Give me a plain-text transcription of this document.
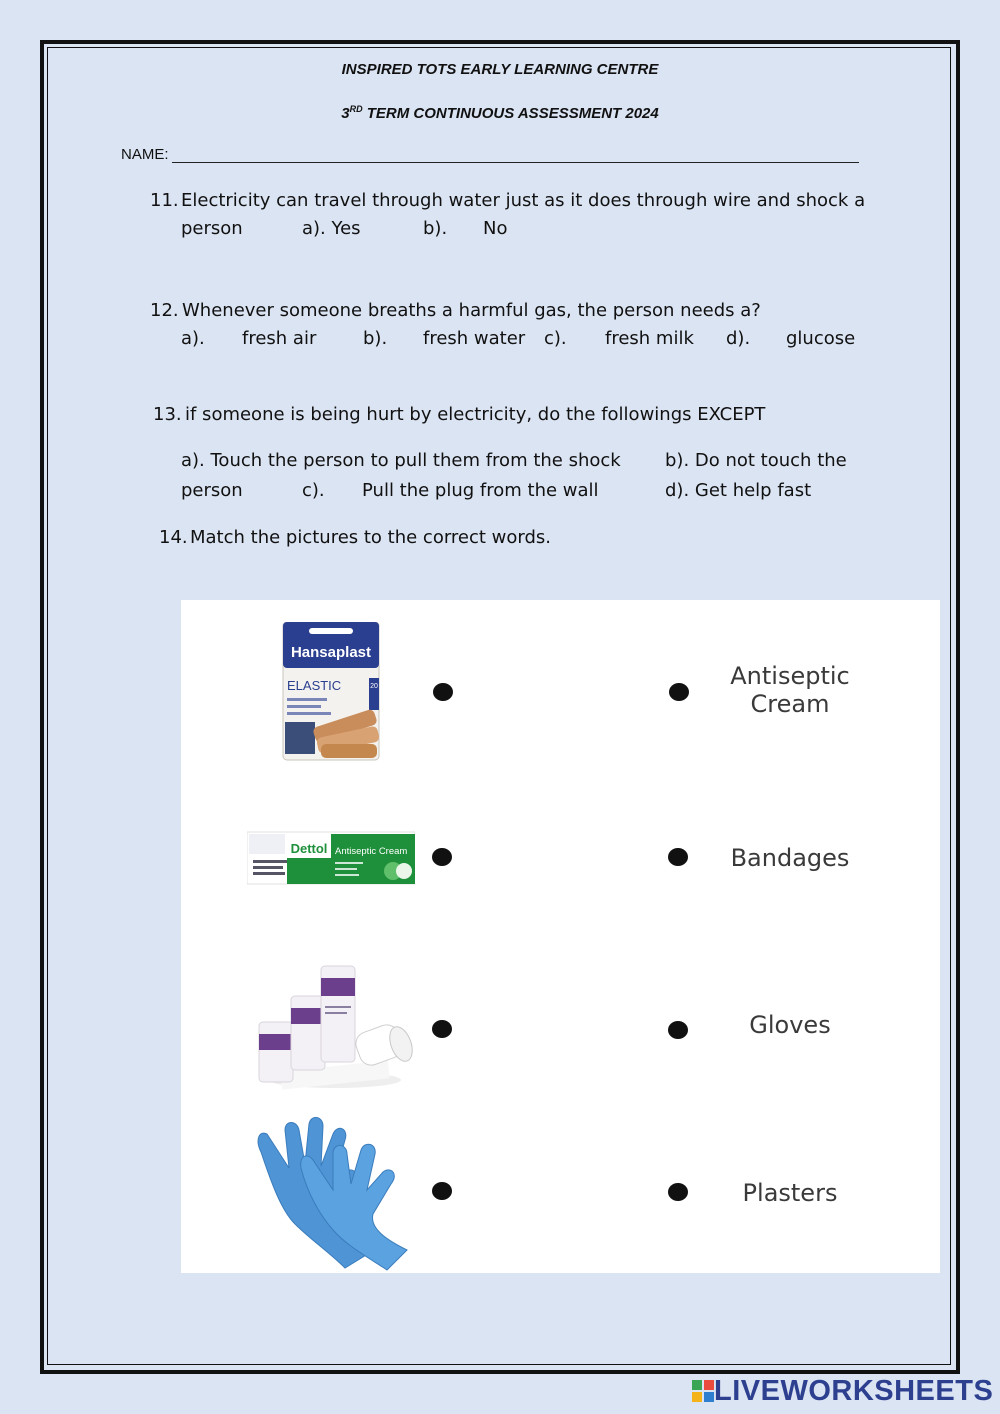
INSPIRED TOTS EARLY LEARNING CENTRE
3RD TERM CONTINUOUS ASSESSMENT 2024
NAME:
11. Electricity can travel through water just as it does through wire and shock a
person	a). Yes	b). No
12. Whenever someone breaths a harmful gas, the person needs a?
a). fresh air	b). fresh water c). fresh milk d). glucose
13. if someone is being hurt by electricity, do the followings EXCEPT
a). Touch the person to pull them from the shock b). Do not touch the
person	c). Pull the plug from the wall	d). Get help fast
14. Match the pictures to the correct words.
Hansaplast
ELASTIC	20
Dettol Antiseptic Cream
Antiseptic
Cream
Bandages
Gloves
Plasters
LIVEWORKSHEETS
